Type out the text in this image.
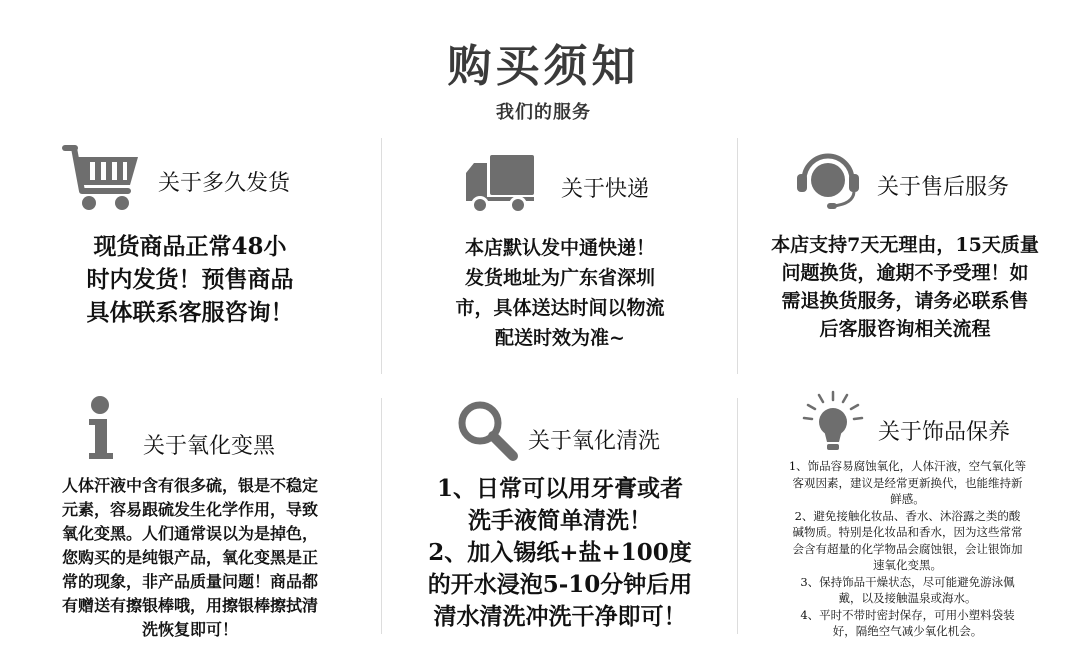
购买须知
我们的服务
关于多久发货
现货商品正常48小
时内发货！预售商品
具体联系客服咨询！
关于快递
本店默认发中通快递！
发货地址为广东省深圳
市，具体送达时间以物流
配送时效为准~
关于售后服务
本店支持7天无理由，15天质量
问题换货，逾期不予受理！如
需退换货服务，请务必联系售
后客服咨询相关流程
关于氧化变黑
人体汗液中含有很多硫，银是不稳定
元素，容易跟硫发生化学作用，导致
氧化变黑。人们通常误以为是掉色，
您购买的是纯银产品，氧化变黑是正
常的现象，非产品质量问题！商品都
有赠送有擦银棒哦，用擦银棒擦拭清
洗恢复即可！
关于氧化清洗
1、日常可以用牙膏或者
洗手液简单清洗！
2、加入锡纸+盐+100度
的开水浸泡5-10分钟后用
清水清洗冲洗干净即可！
关于饰品保养
1、饰品容易腐蚀氧化，人体汗液，空气氧化等
客观因素，建议是经常更新换代，也能维持新
鲜感。
2、避免接触化妆品、香水、沐浴露之类的酸
碱物质。特别是化妆品和香水，因为这些常常
会含有超量的化学物品会腐蚀银，会让银饰加
速氧化变黑。
3、保持饰品干燥状态，尽可能避免游泳佩
戴，以及接触温泉或海水。
4、平时不带时密封保存，可用小塑料袋装
好，隔绝空气减少氧化机会。
